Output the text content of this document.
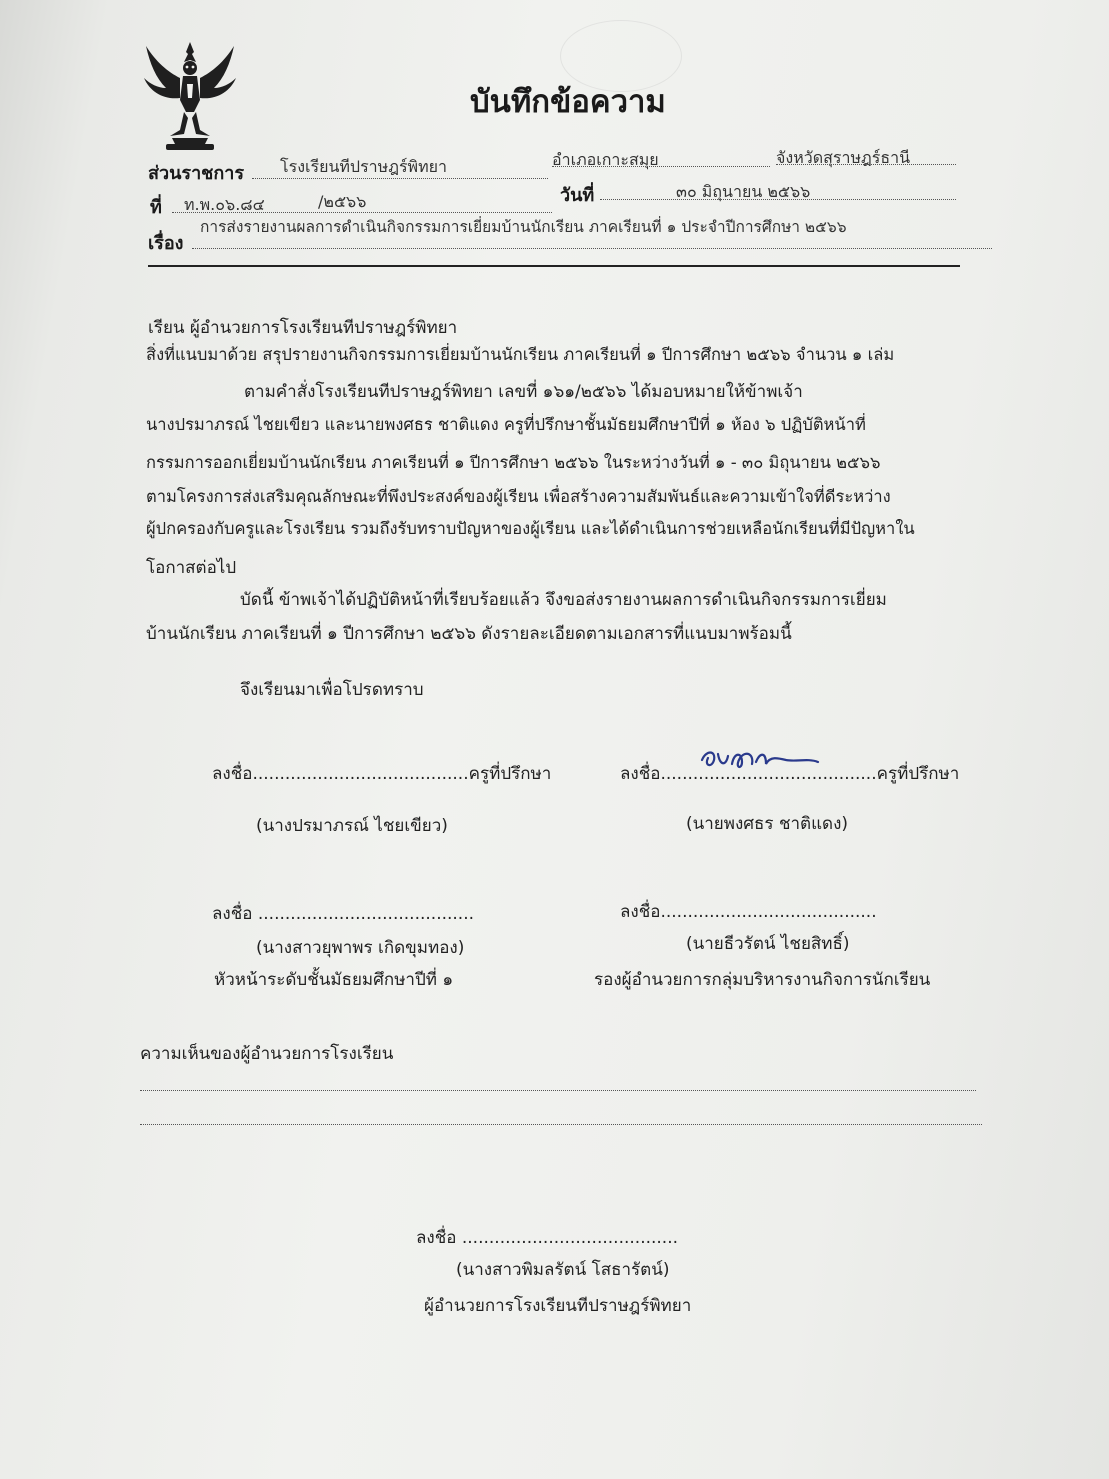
บันทึกข้อความ
ส่วนราชการ โรงเรียนทีปราษฎร์พิทยา	อำเภอเกาะสมุย	จังหวัดสุราษฎร์ธานี
ที่ ท.พ.๐๖.๘๔	/๒๕๖๖	วันที่	๓๐ มิถุนายน ๒๕๖๖
เรื่อง
การส่งรายงานผลการดำเนินกิจกรรมการเยี่ยมบ้านนักเรียน ภาคเรียนที่ ๑ ประจำปีการศึกษา ๒๕๖๖
เรียน ผู้อำนวยการโรงเรียนทีปราษฎร์พิทยา
สิ่งที่แนบมาด้วย สรุปรายงานกิจกรรมการเยี่ยมบ้านนักเรียน ภาคเรียนที่ ๑ ปีการศึกษา ๒๕๖๖ จำนวน ๑ เล่ม
ตามคำสั่งโรงเรียนทีปราษฎร์พิทยา เลขที่ ๑๖๑/๒๕๖๖ ได้มอบหมายให้ข้าพเจ้า
นางปรมาภรณ์ ไชยเขียว และนายพงศธร ชาติแดง ครูที่ปรึกษาชั้นมัธยมศึกษาปีที่ ๑ ห้อง ๖ ปฏิบัติหน้าที่
กรรมการออกเยี่ยมบ้านนักเรียน ภาคเรียนที่ ๑ ปีการศึกษา ๒๕๖๖ ในระหว่างวันที่ ๑ - ๓๐ มิถุนายน ๒๕๖๖
ตามโครงการส่งเสริมคุณลักษณะที่พึงประสงค์ของผู้เรียน เพื่อสร้างความสัมพันธ์และความเข้าใจที่ดีระหว่าง
ผู้ปกครองกับครูและโรงเรียน รวมถึงรับทราบปัญหาของผู้เรียน และได้ดำเนินการช่วยเหลือนักเรียนที่มีปัญหาใน
โอกาสต่อไป
บัดนี้ ข้าพเจ้าได้ปฏิบัติหน้าที่เรียบร้อยแล้ว จึงขอส่งรายงานผลการดำเนินกิจกรรมการเยี่ยม
บ้านนักเรียน ภาคเรียนที่ ๑ ปีการศึกษา ๒๕๖๖ ดังรายละเอียดตามเอกสารที่แนบมาพร้อมนี้
จึงเรียนมาเพื่อโปรดทราบ
ลงชื่อ........................................ครูที่ปรึกษา
(นางปรมาภรณ์ ไชยเขียว)
ลงชื่อ........................................ครูที่ปรึกษา
(นายพงศธร ชาติแดง)
ลงชื่อ ........................................
(นางสาวยุพาพร เกิดขุมทอง)
หัวหน้าระดับชั้นมัธยมศึกษาปีที่ ๑
ลงชื่อ........................................
(นายธีวรัตน์ ไชยสิทธิ์)
รองผู้อำนวยการกลุ่มบริหารงานกิจการนักเรียน
ความเห็นของผู้อำนวยการโรงเรียน
ลงชื่อ ........................................
(นางสาวพิมลรัตน์ โสธารัตน์)
ผู้อำนวยการโรงเรียนทีปราษฎร์พิทยา
